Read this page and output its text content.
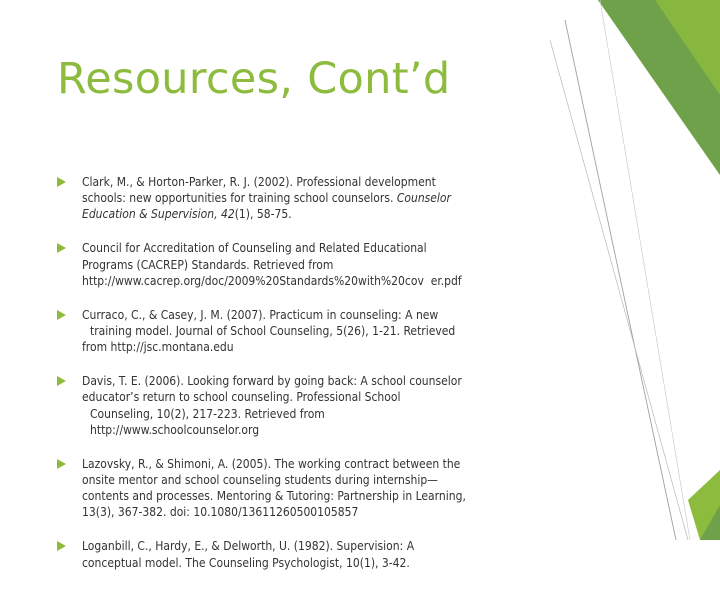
Resources, Cont’d
Clark, M., & Horton-Parker, R. J. (2002). Professional development
schools: new opportunities for training school counselors. Counselor
Education & Supervision, 42(1), 58-75.
Council for Accreditation of Counseling and Related Educational
Programs (CACREP) Standards. Retrieved from
http://www.cacrep.org/doc/2009%20Standards%20with%20cov  er.pdf
Curraco, C., & Casey, J. M. (2007). Practicum in counseling: A new
training model. Journal of School Counseling, 5(26), 1-21. Retrieved
from http://jsc.montana.edu
Davis, T. E. (2006). Looking forward by going back: A school counselor
educator’s return to school counseling. Professional School
Counseling, 10(2), 217-223. Retrieved from
http://www.schoolcounselor.org
Lazovsky, R., & Shimoni, A. (2005). The working contract between the
onsite mentor and school counseling students during internship—
contents and processes. Mentoring & Tutoring: Partnership in Learning,
13(3), 367-382. doi: 10.1080/13611260500105857
Loganbill, C., Hardy, E., & Delworth, U. (1982). Supervision: A
conceptual model. The Counseling Psychologist, 10(1), 3-42.
